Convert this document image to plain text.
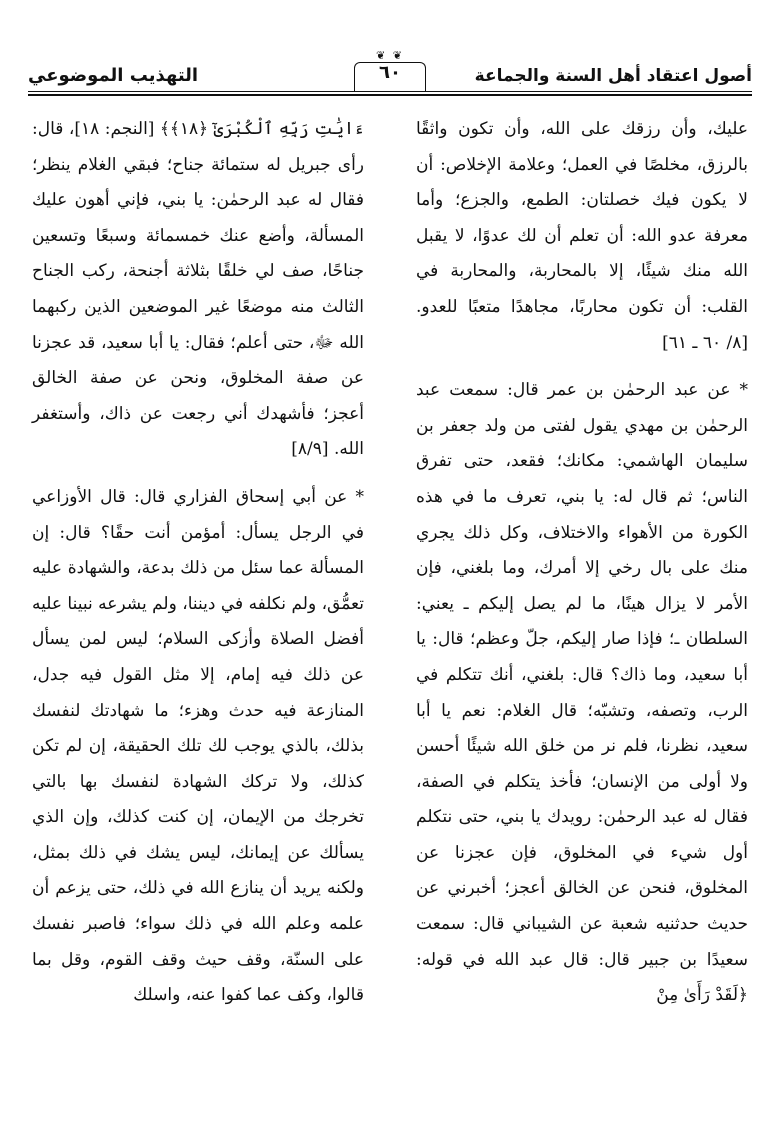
أصول اعتقاد أهل السنة والجماعة
❦ ❦
٦٠
التهذيب الموضوعي

عليك، وأن رزقك على الله، وأن تكون واثقًا بالرزق، مخلصًا في العمل؛ وعلامة الإخلاص: أن لا يكون فيك خصلتان: الطمع، والجزع؛ وأما معرفة عدو الله: أن تعلم أن لك عدوًا، لا يقبل الله منك شيئًا، إلا بالمحاربة، والمحاربة في القلب: أن تكون محاربًا، مجاهدًا متعبًا للعدو. [٨/ ٦٠ ـ ٦١]

* عن عبد الرحمٰن بن عمر قال: سمعت عبد الرحمٰن بن مهدي يقول لفتى من ولد جعفر بن سليمان الهاشمي: مكانك؛ فقعد، حتى تفرق الناس؛ ثم قال له: يا بني، تعرف ما في هذه الكورة من الأهواء والاختلاف، وكل ذلك يجري منك على بال رخي إلا أمرك، وما بلغني، فإن الأمر لا يزال هينًا، ما لم يصل إليكم ـ يعني: السلطان ـ؛ فإذا صار إليكم، جلّ وعظم؛ قال: يا أبا سعيد، وما ذاك؟ قال: بلغني، أنك تتكلم في الرب، وتصفه، وتشبّه؛ قال الغلام: نعم يا أبا سعيد، نظرنا، فلم نر من خلق الله شيئًا أحسن ولا أولى من الإنسان؛ فأخذ يتكلم في الصفة، فقال له عبد الرحمٰن: رويدك يا بني، حتى نتكلم أول شيء في المخلوق، فإن عجزنا عن المخلوق، فنحن عن الخالق أعجز؛ أخبرني عن حديث حدثنيه شعبة عن الشيباني قال: سمعت سعيدًا بن جبير قال: قال عبد الله في قوله: ﴿لَقَدْ رَأَىٰ مِنْ

ءَايَٰتِ رَبِّهِ ٱلْكُبْرَىٰٓ ﴿١٨﴾﴾ [النجم: ١٨]، قال: رأى جبريل له ستمائة جناح؛ فبقي الغلام ينظر؛ فقال له عبد الرحمٰن: يا بني، فإني أهون عليك المسألة، وأضع عنك خمسمائة وسبعًا وتسعين جناحًا، صف لي خلقًا بثلاثة أجنحة، ركب الجناح الثالث منه موضعًا غير الموضعين الذين ركبهما الله ﷻ، حتى أعلم؛ فقال: يا أبا سعيد، قد عجزنا عن صفة المخلوق، ونحن عن صفة الخالق أعجز؛ فأشهدك أني رجعت عن ذاك، وأستغفر الله. [٨/٩]

* عن أبي إسحاق الفزاري قال: قال الأوزاعي في الرجل يسأل: أمؤمن أنت حقًا؟ قال: إن المسألة عما سئل من ذلك بدعة، والشهادة عليه تعمُّق، ولم نكلفه في ديننا، ولم يشرعه نبينا عليه أفضل الصلاة وأزكى السلام؛ ليس لمن يسأل عن ذلك فيه إمام، إلا مثل القول فيه جدل، المنازعة فيه حدث وهزء؛ ما شهادتك لنفسك بذلك، بالذي يوجب لك تلك الحقيقة، إن لم تكن كذلك، ولا تركك الشهادة لنفسك بها بالتي تخرجك من الإيمان، إن كنت كذلك، وإن الذي يسألك عن إيمانك، ليس يشك في ذلك بمثل، ولكنه يريد أن ينازع الله في ذلك، حتى يزعم أن علمه وعلم الله في ذلك سواء؛ فاصبر نفسك على السنّة، وقف حيث وقف القوم، وقل بما قالوا، وكف عما كفوا عنه، واسلك
